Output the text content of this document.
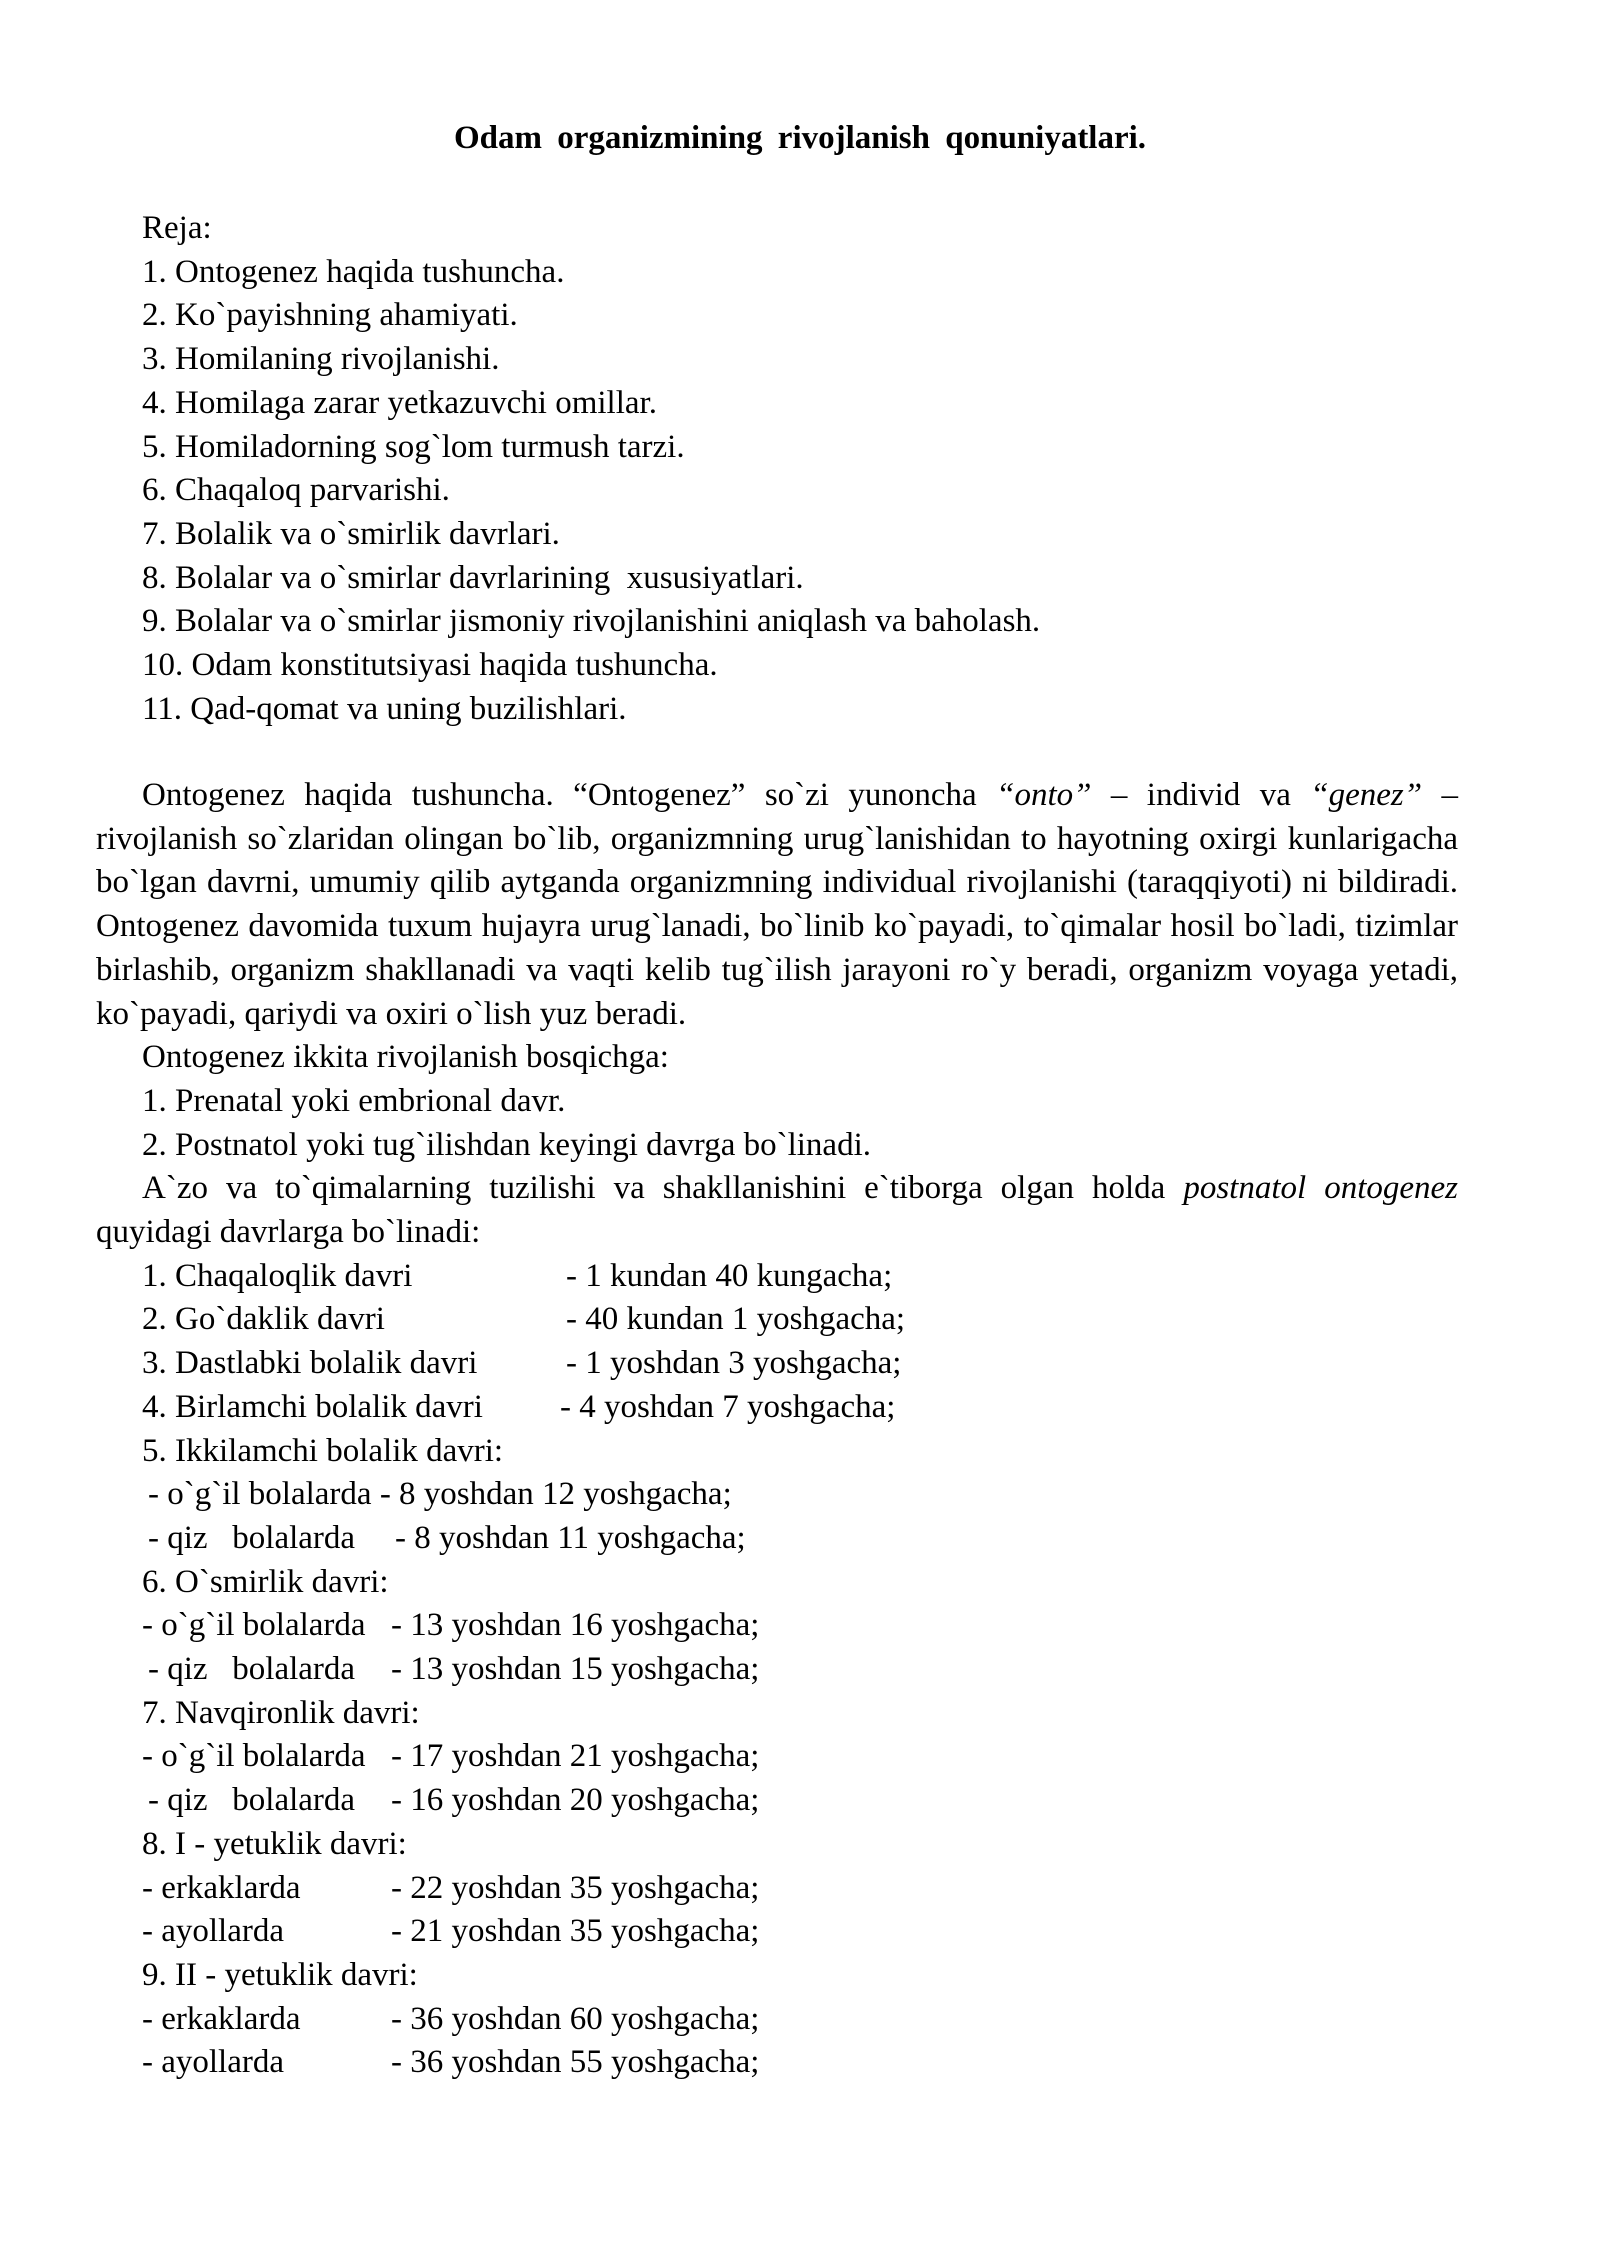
Odam organizmining rivojlanish qonuniyatlari.
Reja:
1. Ontogenez haqida tushuncha.
2. Ko`payishning ahamiyati.
3. Homilaning rivojlanishi.
4. Homilaga zarar yetkazuvchi omillar.
5. Homiladorning sog`lom turmush tarzi.
6. Chaqaloq parvarishi.
7. Bolalik va o`smirlik davrlari.
8. Bolalar va o`smirlar davrlarining  xususiyatlari.
9. Bolalar va o`smirlar jismoniy rivojlanishini aniqlash va baholash.
10. Odam konstitutsiyasi haqida tushuncha.
11. Qad-qomat va uning buzilishlari.

Ontogenez haqida tushuncha. “Ontogenez” so`zi yunoncha “onto” – individ va “genez” – rivojlanish so`zlaridan olingan bo`lib, organizmning urug`lanishidan to hayotning oxirgi kunlarigacha bo`lgan davrni, umumiy qilib aytganda organizmning individual rivojlanishi (taraqqiyoti) ni bildiradi. Ontogenez davomida tuxum hujayra urug`lanadi, bo`linib ko`payadi, to`qimalar hosil bo`ladi, tizimlar birlashib, organizm shakllanadi va vaqti kelib tug`ilish jarayoni ro`y beradi, organizm voyaga yetadi, ko`payadi, qariydi va oxiri o`lish yuz beradi.

Ontogenez ikkita rivojlanish bosqichga:
1. Prenatal yoki embrional davr.
2. Postnatol yoki tug`ilishdan keyingi davrga bo`linadi.

A`zo va to`qimalarning tuzilishi va shakllanishini e`tiborga olgan holda postnatol ontogenez quyidagi davrlarga bo`linadi:

1. Chaqaloqlik davri	- 1 kundan 40 kungacha;
2. Go`daklik davri	- 40 kundan 1 yoshgacha;
3. Dastlabki bolalik davri	- 1 yoshdan 3 yoshgacha;
4. Birlamchi bolalik davri	- 4 yoshdan 7 yoshgacha;
5. Ikkilamchi bolalik davri:
- o`g`il bolalarda - 8 yoshdan 12 yoshgacha;
- qiz   bolalarda	- 8 yoshdan 11 yoshgacha;
6. O`smirlik davri:
- o`g`il bolalarda - 13 yoshdan 16 yoshgacha;
- qiz   bolalarda	- 13 yoshdan 15 yoshgacha;
7. Navqironlik davri:
- o`g`il bolalarda - 17 yoshdan 21 yoshgacha;
- qiz   bolalarda	- 16 yoshdan 20 yoshgacha;
8. I - yetuklik davri:
- erkaklarda	- 22 yoshdan 35 yoshgacha;
- ayollarda	- 21 yoshdan 35 yoshgacha;
9. II - yetuklik davri:
- erkaklarda	- 36 yoshdan 60 yoshgacha;
- ayollarda	- 36 yoshdan 55 yoshgacha;
